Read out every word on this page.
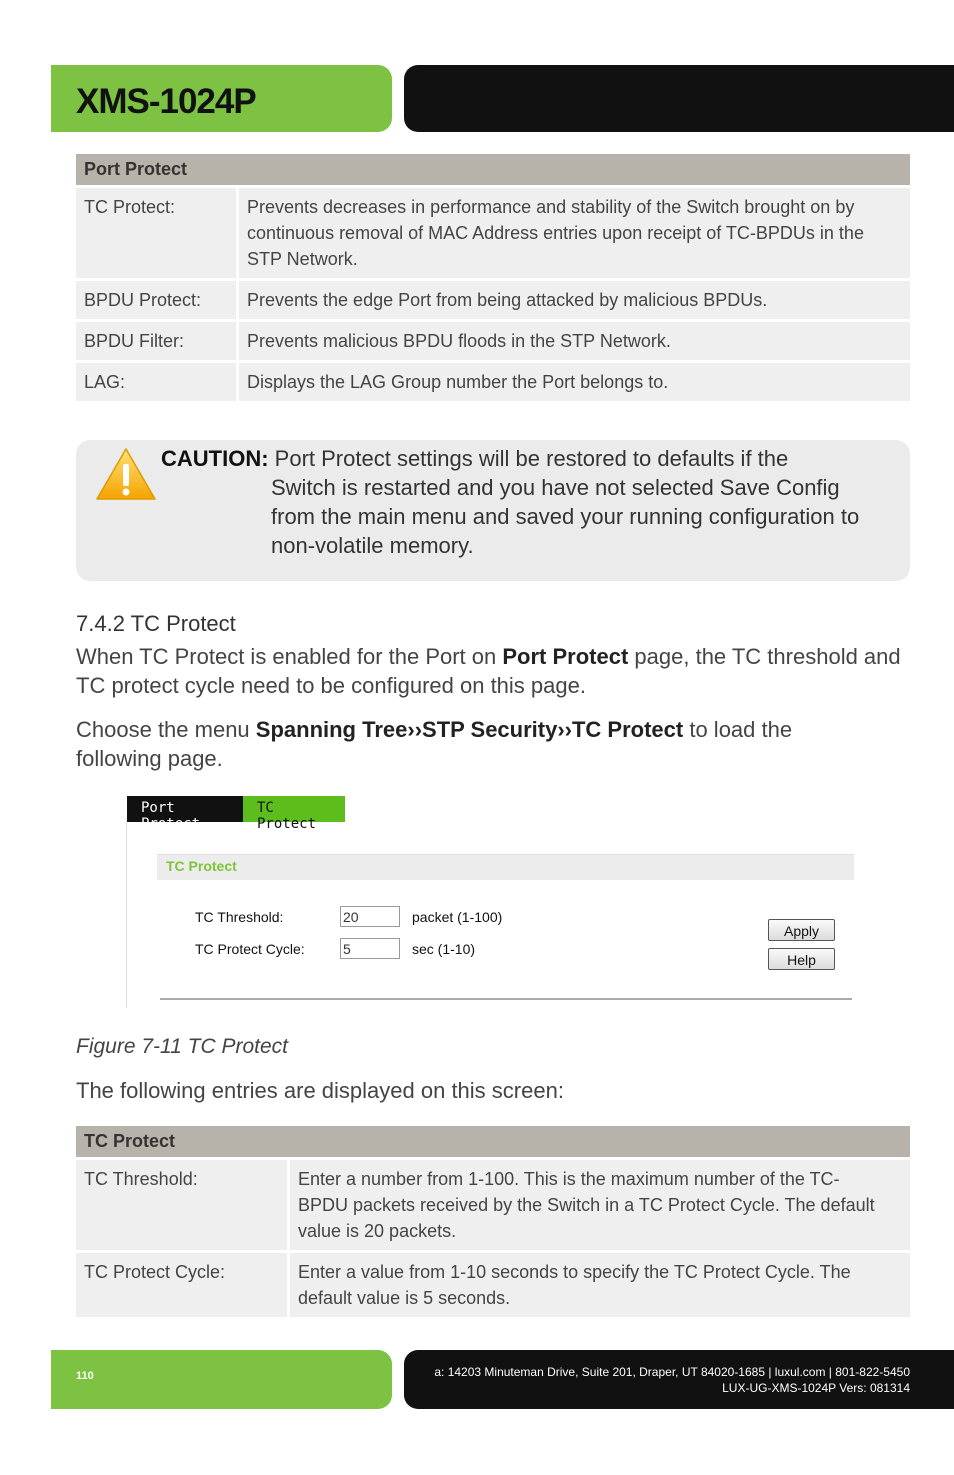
XMS-1024P
Port Protect	
TC Protect:	Prevents decreases in performance and stability of the Switch brought on by continuous removal of MAC Address entries upon receipt of TC-BPDUs in the STP Network.
BPDU Protect:	Prevents the edge Port from being attacked by malicious BPDUs.
BPDU Filter:	Prevents malicious BPDU floods in the STP Network.
LAG:	Displays the LAG Group number the Port belongs to.
CAUTION: Port Protect settings will be restored to defaults if the
Switch is restarted and you have not selected Save Config
from the main menu and saved your running configuration to
non-volatile memory.
7.4.2 TC Protect
When TC Protect is enabled for the Port on Port Protect page, the TC threshold and TC protect cycle need to be configured on this page.
Choose the menu Spanning Tree››STP Security››TC Protect to load the following page.
Port Protect
TC Protect
TC Protect
TC Threshold:	20	packet (1-100)
TC Protect Cycle:	5	sec (1-10)
Apply
Help
Figure 7-11 TC Protect
The following entries are displayed on this screen:
TC Protect	
TC Threshold:	Enter a number from 1-100. This is the maximum number of the TC-BPDU packets received by the Switch in a TC Protect Cycle. The default value is 20 packets.
TC Protect Cycle:	Enter a value from 1-10 seconds to specify the TC Protect Cycle. The default value is 5 seconds.
110	a: 14203 Minuteman Drive, Suite 201, Draper, UT 84020-1685 | luxul.com | 801-822-5450
LUX-UG-XMS-1024P Vers: 081314
